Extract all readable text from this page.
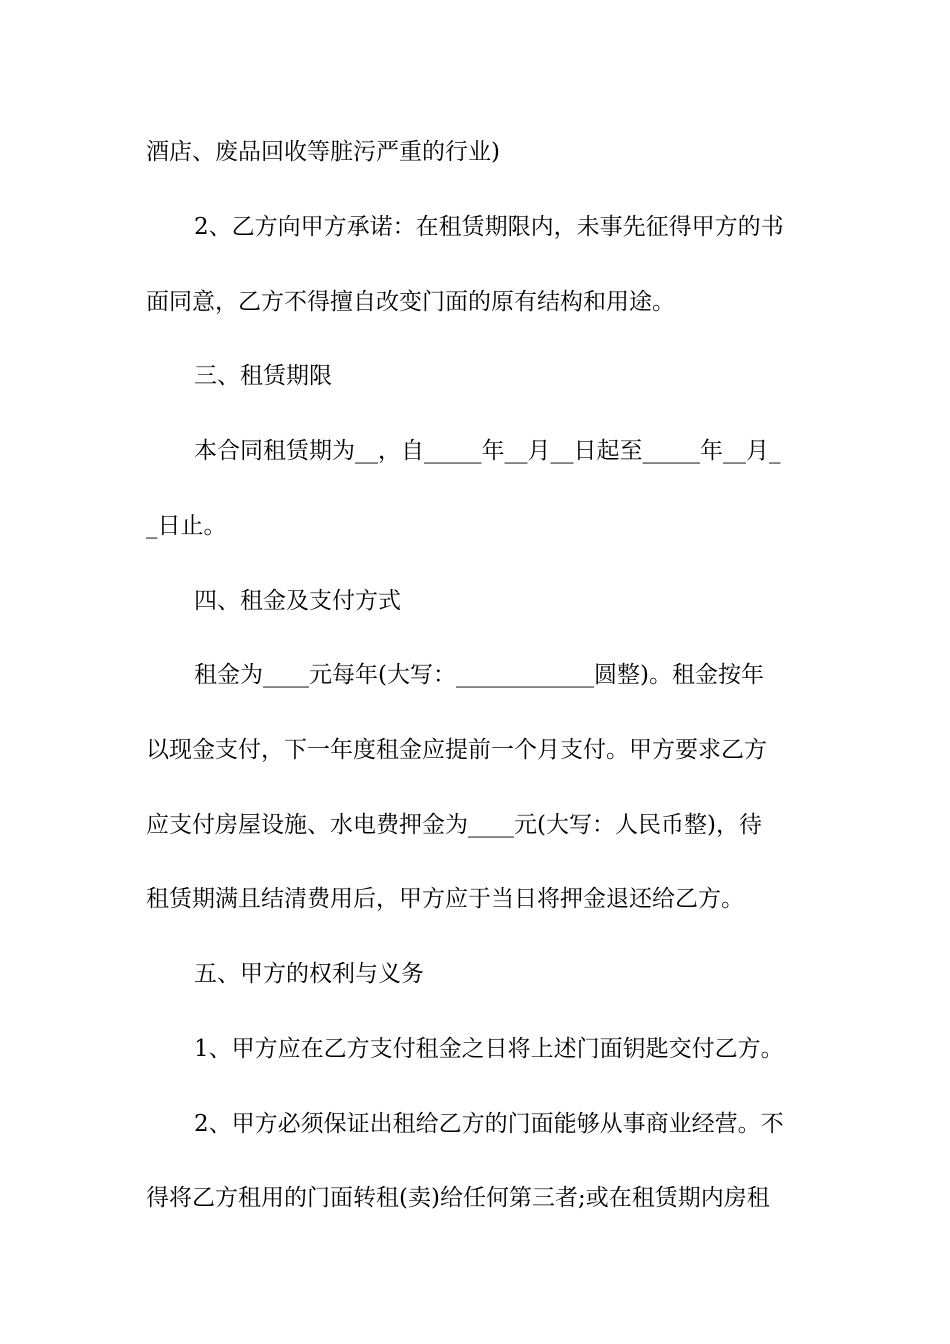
酒店、废品回收等脏污严重的行业)
2、乙方向甲方承诺：在租赁期限内，未事先征得甲方的书
面同意，乙方不得擅自改变门面的原有结构和用途。
三、租赁期限
本合同租赁期为__，自_____年__月__日起至_____年__月_
_日止。
四、租金及支付方式
租金为____元每年(大写：____________圆整)。租金按年
以现金支付，下一年度租金应提前一个月支付。甲方要求乙方
应支付房屋设施、水电费押金为____元(大写：人民币整)，待
租赁期满且结清费用后，甲方应于当日将押金退还给乙方。
五、甲方的权利与义务
1、甲方应在乙方支付租金之日将上述门面钥匙交付乙方。
2、甲方必须保证出租给乙方的门面能够从事商业经营。不
得将乙方租用的门面转租(卖)给任何第三者;或在租赁期内房租
